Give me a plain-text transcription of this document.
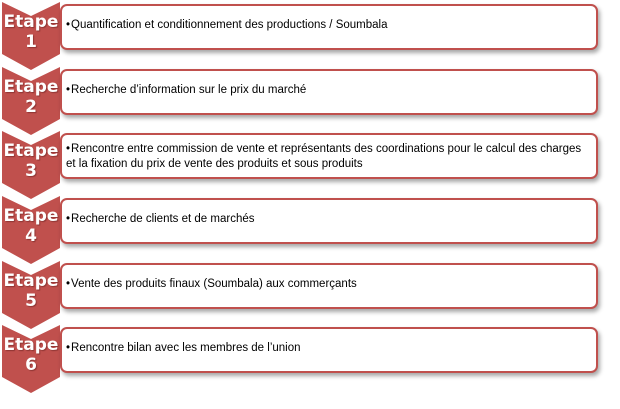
Etape
1
•Quantification et conditionnement des productions / Soumbala
Etape
2
•Recherche d’information sur le prix du marché
Etape
3
•Rencontre entre commission de vente et représentants des coordinations pour le calcul des charges et la fixation du prix de vente des produits et sous produits
Etape
4
•Recherche de clients et de marchés
Etape
5
•Vente des produits finaux (Soumbala) aux commerçants
Etape
6
•Rencontre bilan avec les membres de l’union
